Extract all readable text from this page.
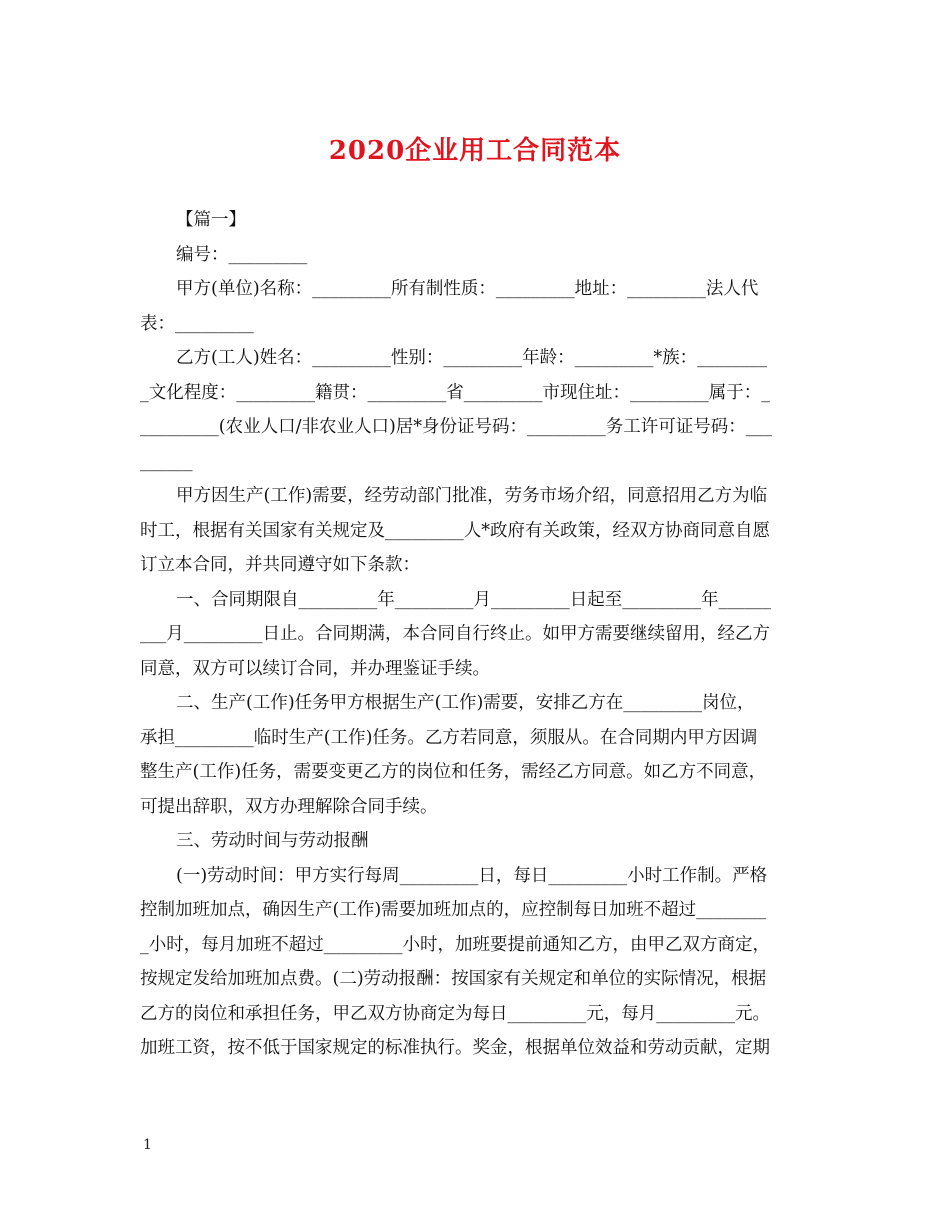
2020企业用工合同范本
【篇一】
编号：_________
甲方(单位)名称：_________所有制性质：_________地址：_________法人代
表：_________
乙方(工人)姓名：_________性别：_________年龄：_________*族：________
_文化程度：_________籍贯：_________省_________市现住址：_________属于：_
_________(农业人口/非农业人口)居*身份证号码：_________务工许可证号码：___
______
甲方因生产(工作)需要，经劳动部门批准，劳务市场介绍，同意招用乙方为临
时工，根据有关国家有关规定及_________人*政府有关政策，经双方协商同意自愿
订立本合同，并共同遵守如下条款：
一、合同期限自_________年_________月_________日起至_________年______
___月_________日止。合同期满，本合同自行终止。如甲方需要继续留用，经乙方
同意，双方可以续订合同，并办理鉴证手续。
二、生产(工作)任务甲方根据生产(工作)需要，安排乙方在_________岗位，
承担_________临时生产(工作)任务。乙方若同意，须服从。在合同期内甲方因调
整生产(工作)任务，需要变更乙方的岗位和任务，需经乙方同意。如乙方不同意，
可提出辞职，双方办理解除合同手续。
三、劳动时间与劳动报酬
(一)劳动时间：甲方实行每周_________日，每日_________小时工作制。严格
控制加班加点，确因生产(工作)需要加班加点的，应控制每日加班不超过________
_小时，每月加班不超过_________小时，加班要提前通知乙方，由甲乙双方商定，
按规定发给加班加点费。(二)劳动报酬：按国家有关规定和单位的实际情况，根据
乙方的岗位和承担任务，甲乙双方协商定为每日_________元，每月_________元。
加班工资，按不低于国家规定的标准执行。奖金，根据单位效益和劳动贡献，定期
1
